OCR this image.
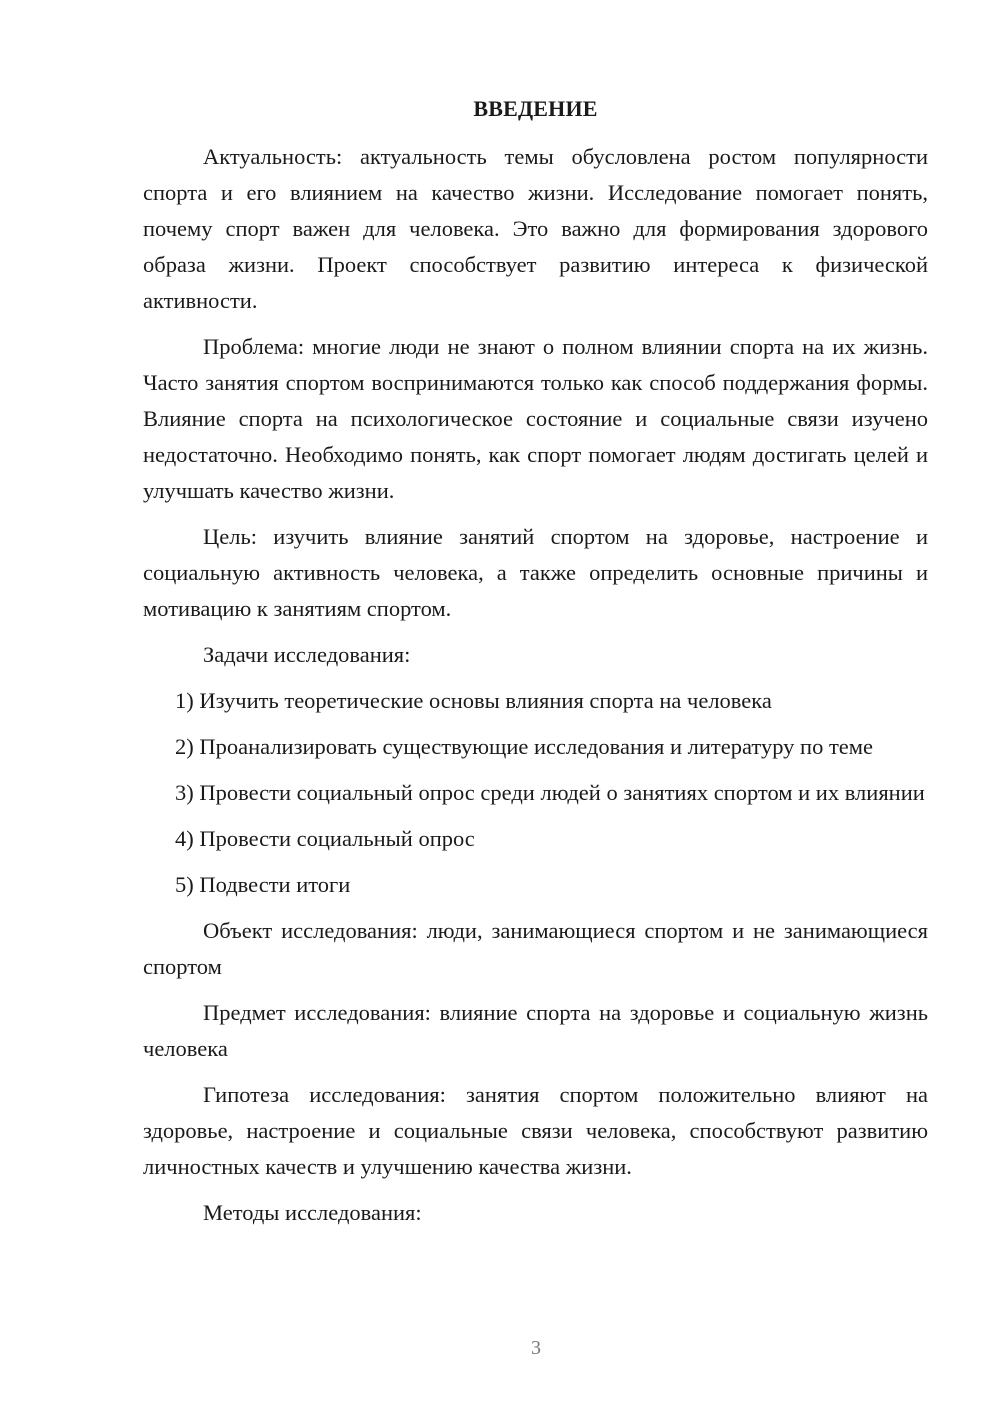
ВВЕДЕНИЕ

Актуальность: актуальность темы обусловлена ростом популярности спорта и его влиянием на качество жизни. Исследование помогает понять, почему спорт важен для человека. Это важно для формирования здорового образа жизни. Проект способствует развитию интереса к физической активности.

Проблема: многие люди не знают о полном влиянии спорта на их жизнь. Часто занятия спортом воспринимаются только как способ поддержания формы. Влияние спорта на психологическое состояние и социальные связи изучено недостаточно. Необходимо понять, как спорт помогает людям достигать целей и улучшать качество жизни.

Цель: изучить влияние занятий спортом на здоровье, настроение и социальную активность человека, а также определить основные причины и мотивацию к занятиям спортом.

Задачи исследования:

1) Изучить теоретические основы влияния спорта на человека

2) Проанализировать существующие исследования и литературу по теме

3) Провести социальный опрос среди людей о занятиях спортом и их влиянии

4) Провести социальный опрос

5) Подвести итоги

Объект исследования: люди, занимающиеся спортом и не занимающиеся спортом

Предмет исследования: влияние спорта на здоровье и социальную жизнь человека

Гипотеза исследования: занятия спортом положительно влияют на здоровье, настроение и социальные связи человека, способствуют развитию личностных качеств и улучшению качества жизни.

Методы исследования:

3
